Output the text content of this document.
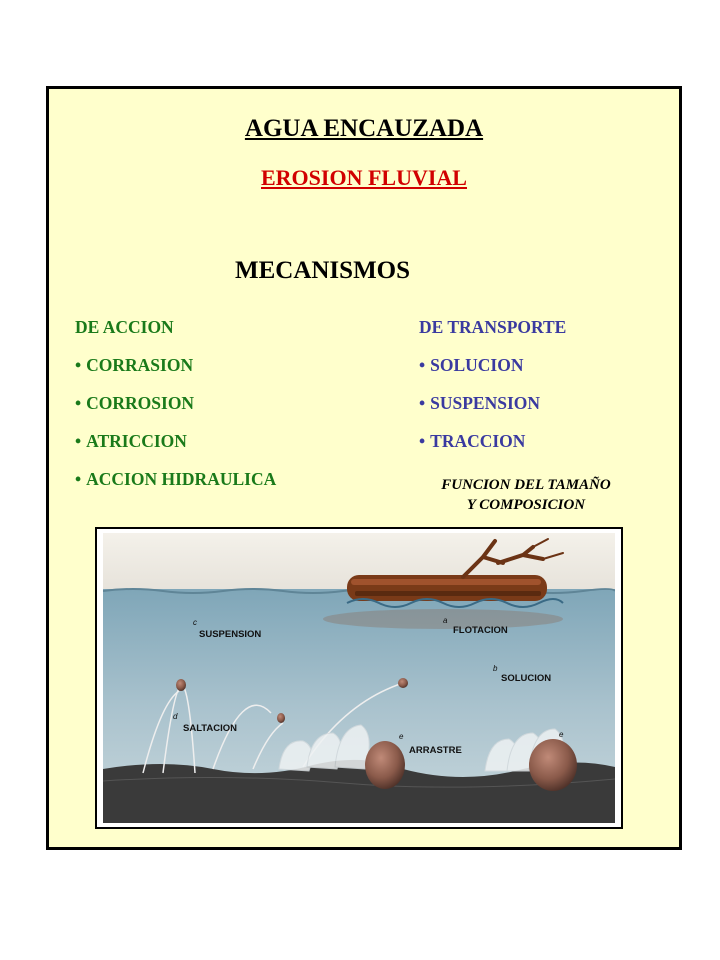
AGUA ENCAUZADA
EROSION FLUVIAL
MECANISMOS
DE ACCION
• CORRASION
• CORROSION
• ATRICCION
• ACCION HIDRAULICA
DE TRANSPORTE
• SOLUCION
• SUSPENSION
• TRACCION
FUNCION DEL TAMAÑO
Y COMPOSICION
FLOTACION
a
SUSPENSION
c
SOLUCION
b
SALTACION
d
ARRASTRE
e	e
